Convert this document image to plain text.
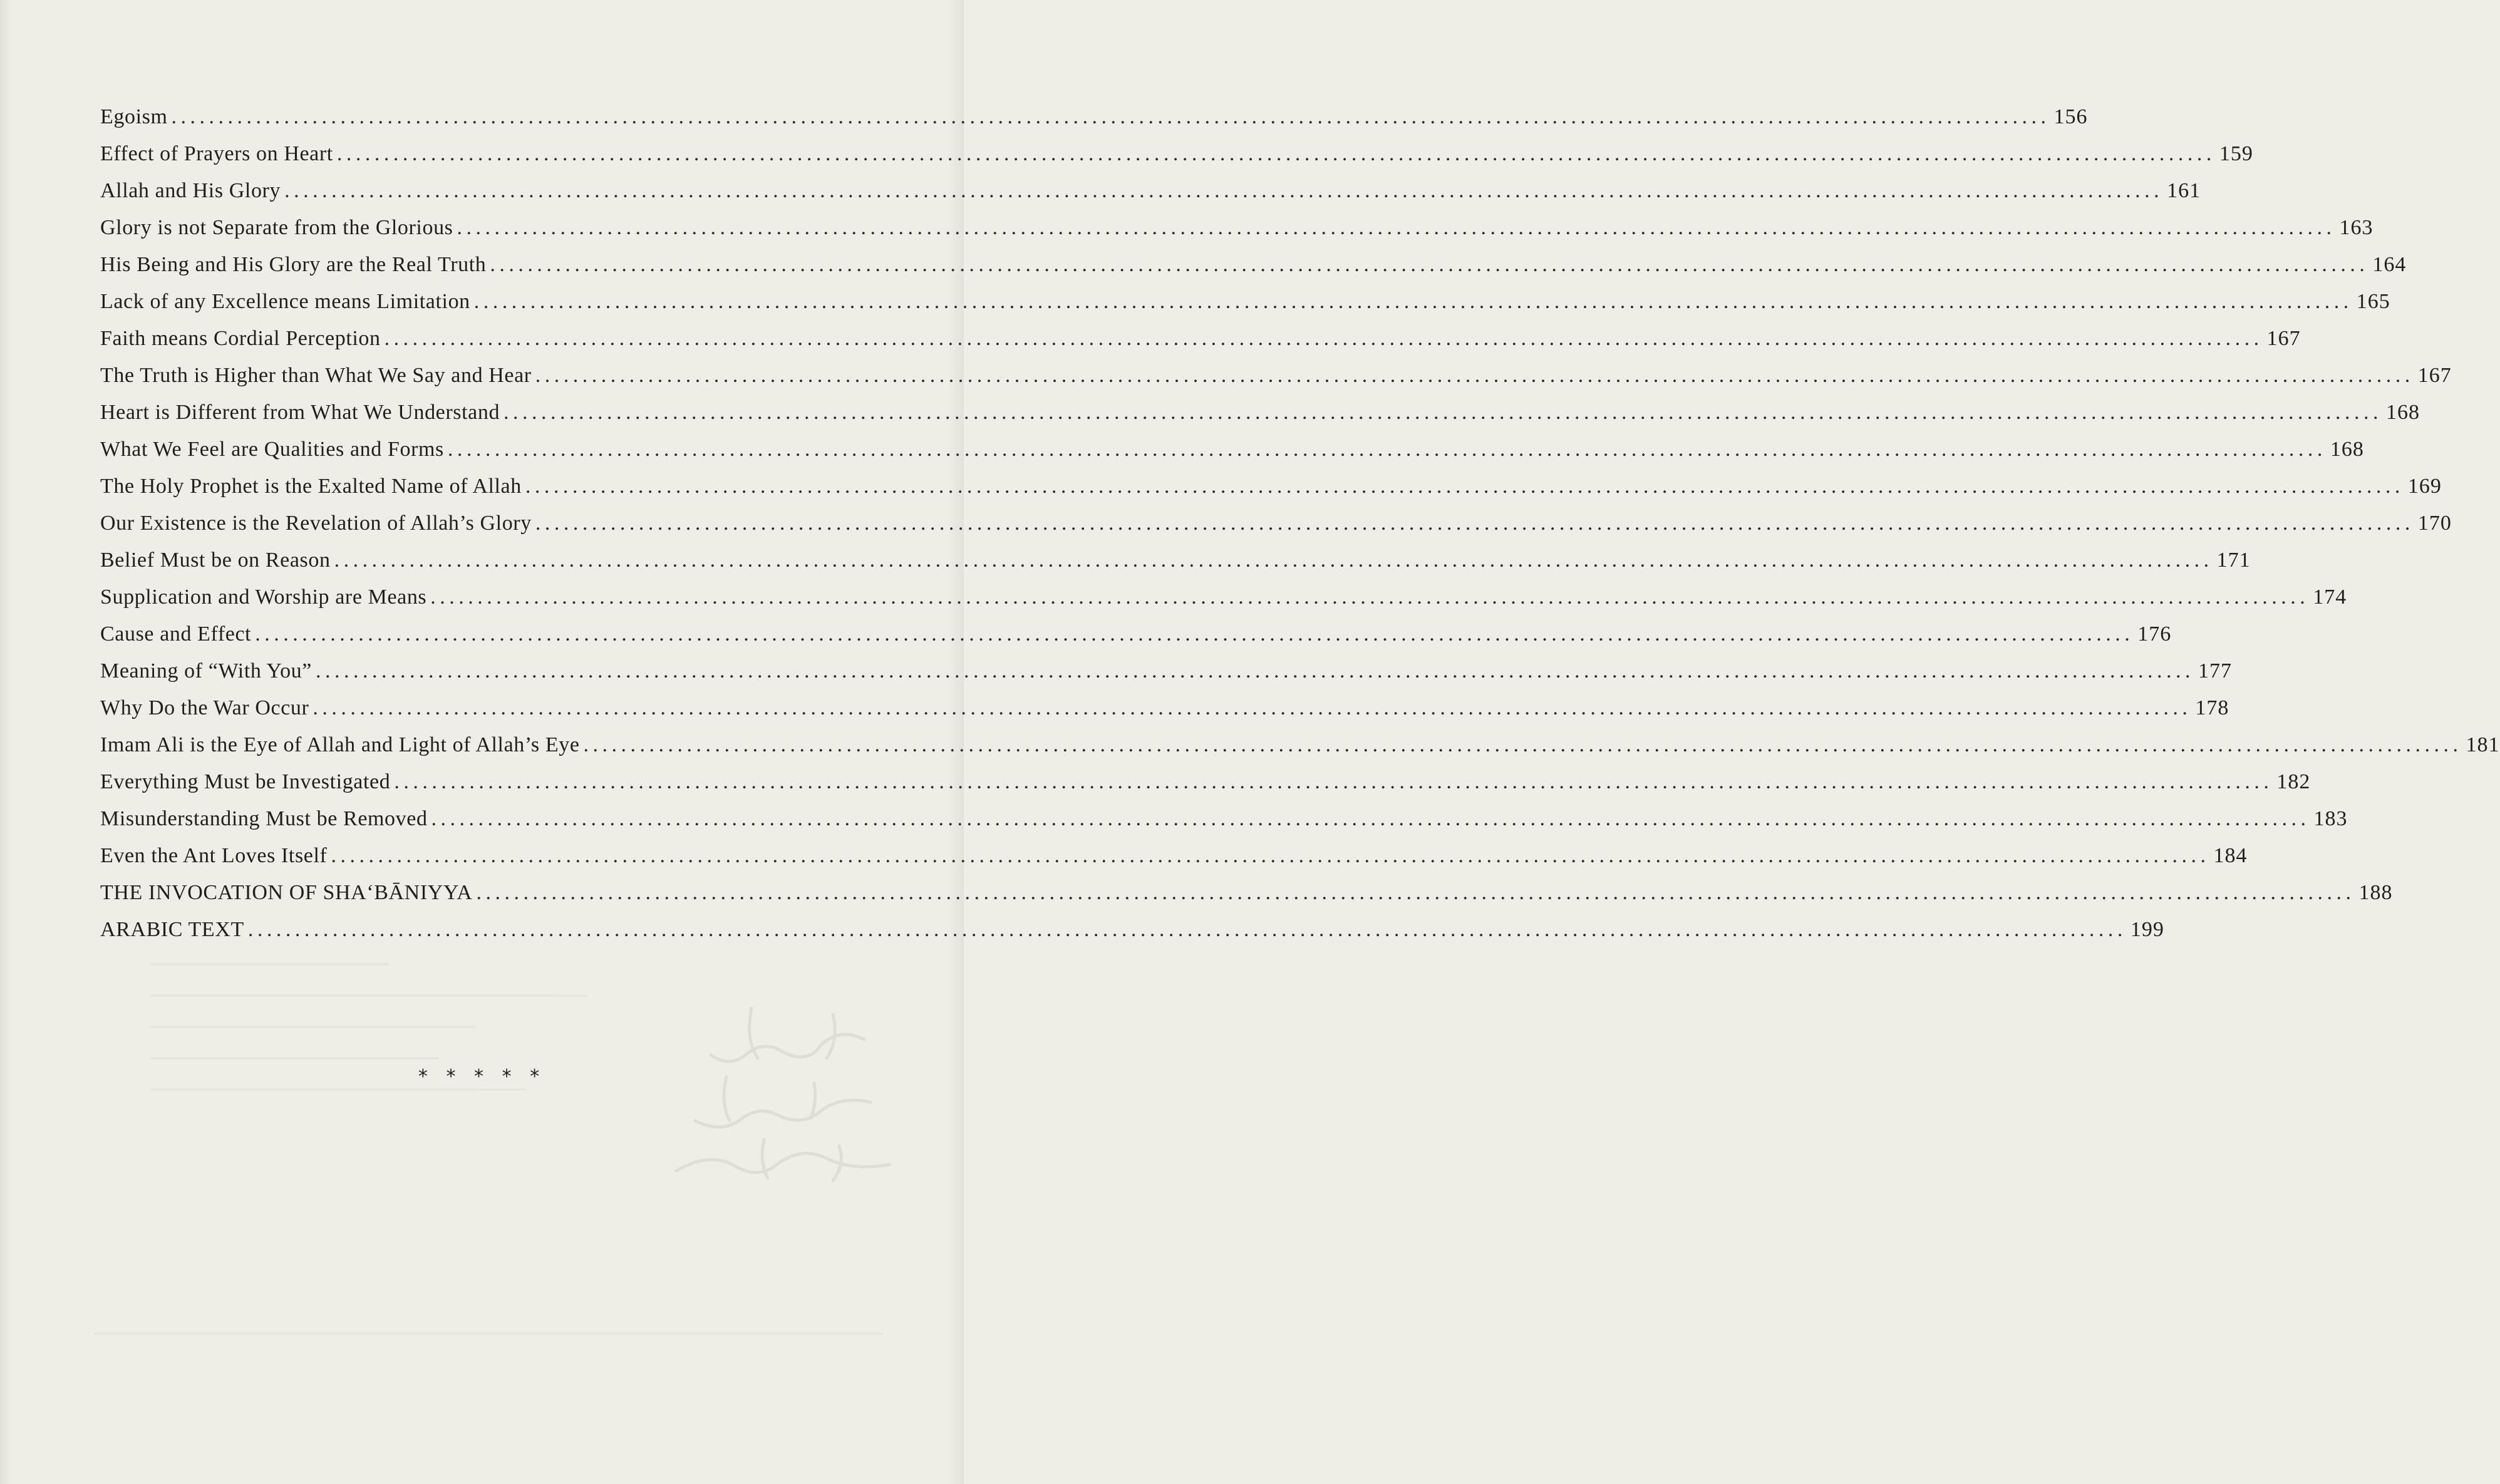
Egoism ........................................................................................................................................................................................................ 156
Effect of Prayers on Heart ........................................................................................................................................................................................................ 159
Allah and His Glory ........................................................................................................................................................................................................ 161
Glory is not Separate from the Glorious ........................................................................................................................................................................................................ 163
His Being and His Glory are the Real Truth ........................................................................................................................................................................................................ 164
Lack of any Excellence means Limitation ........................................................................................................................................................................................................ 165
Faith means Cordial Perception ........................................................................................................................................................................................................ 167
The Truth is Higher than What We Say and Hear ........................................................................................................................................................................................................ 167
Heart is Different from What We Understand ........................................................................................................................................................................................................ 168
What We Feel are Qualities and Forms ........................................................................................................................................................................................................ 168
The Holy Prophet is the Exalted Name of Allah ........................................................................................................................................................................................................ 169
Our Existence is the Revelation of Allah’s Glory ........................................................................................................................................................................................................ 170
Belief Must be on Reason ........................................................................................................................................................................................................ 171
Supplication and Worship are Means ........................................................................................................................................................................................................ 174
Cause and Effect ........................................................................................................................................................................................................ 176
Meaning of “With You” ........................................................................................................................................................................................................ 177
Why Do the War Occur ........................................................................................................................................................................................................ 178
Imam Ali is the Eye of Allah and Light of Allah’s Eye ........................................................................................................................................................................................................ 181
Everything Must be Investigated ........................................................................................................................................................................................................ 182
Misunderstanding Must be Removed ........................................................................................................................................................................................................ 183
Even the Ant Loves Itself ........................................................................................................................................................................................................ 184
THE INVOCATION OF SHA‘BĀNIYYA ........................................................................................................................................................................................................ 188
ARABIC TEXT ........................................................................................................................................................................................................ 199
* * * * *
